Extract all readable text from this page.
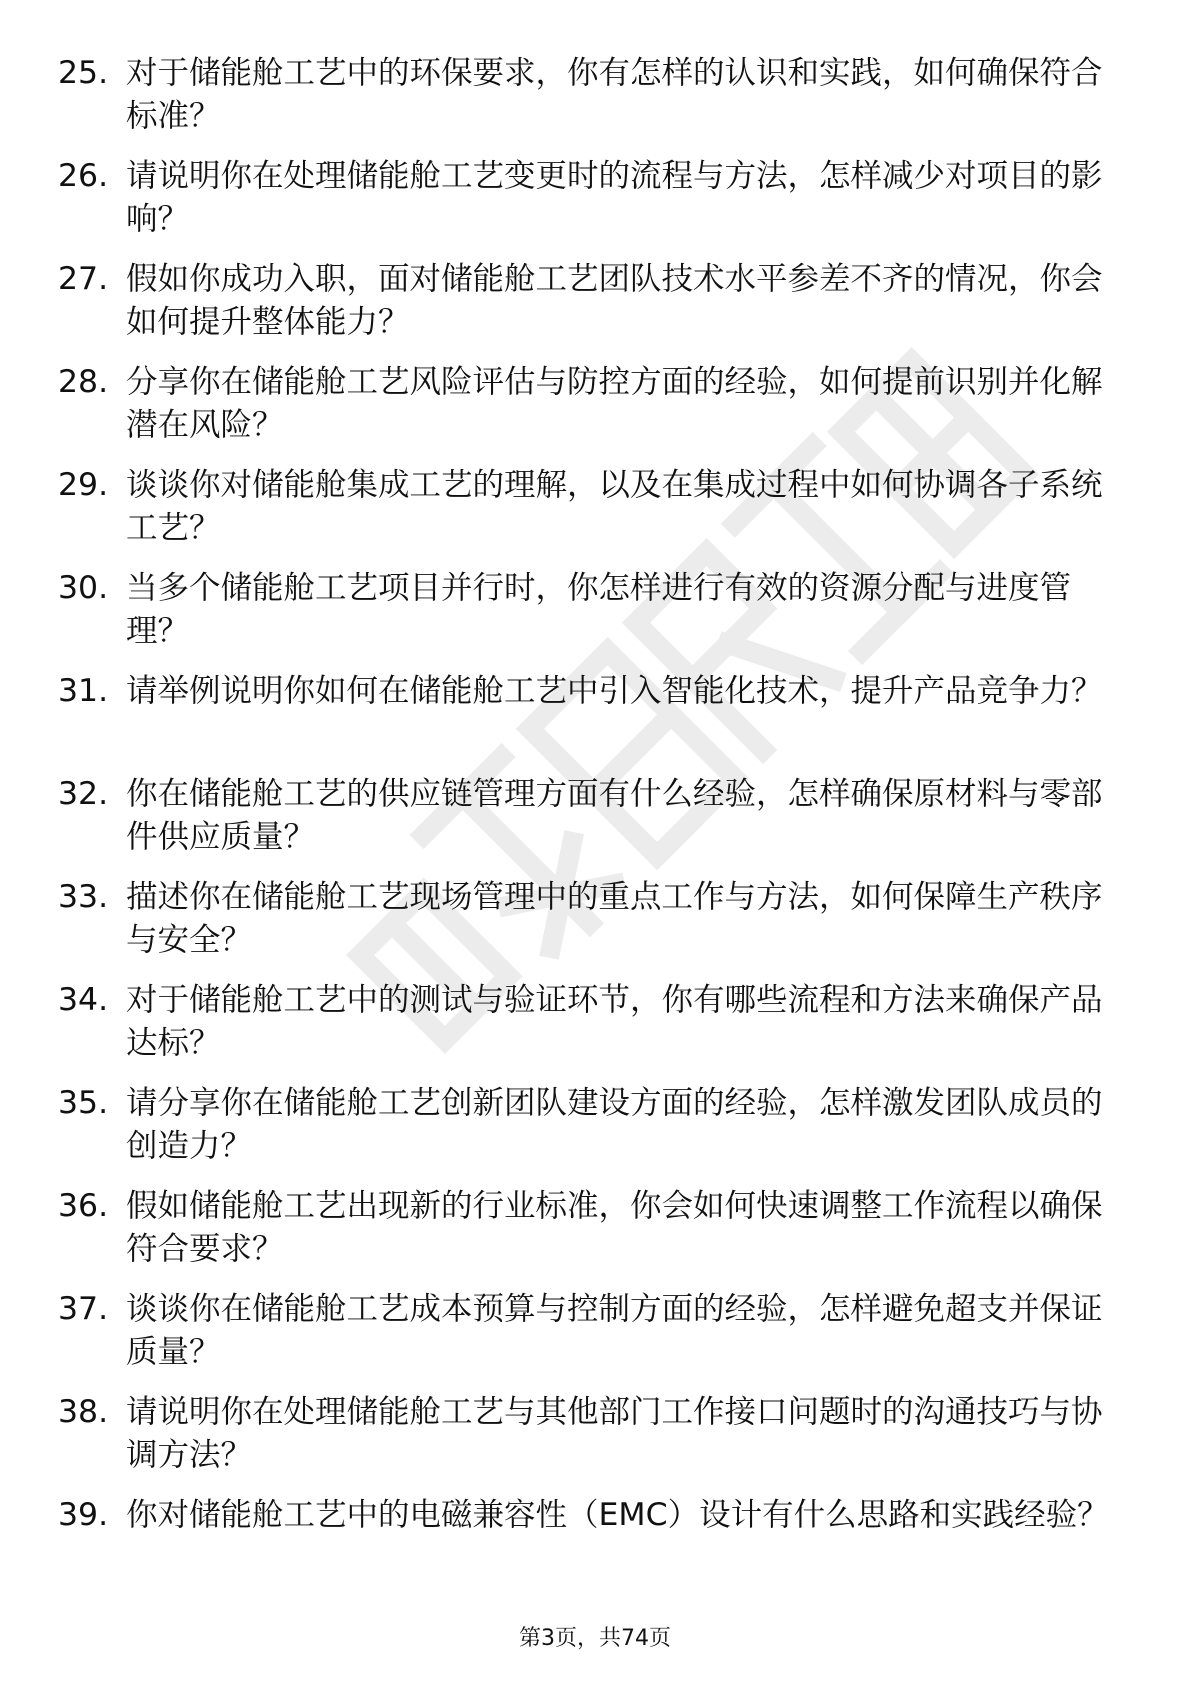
25. 对于储能舱工艺中的环保要求，你有怎样的认识和实践，如何确保符合标准？
26. 请说明你在处理储能舱工艺变更时的流程与方法，怎样减少对项目的影响？
27. 假如你成功入职，面对储能舱工艺团队技术水平参差不齐的情况，你会如何提升整体能力？
28. 分享你在储能舱工艺风险评估与防控方面的经验，如何提前识别并化解潜在风险？
29. 谈谈你对储能舱集成工艺的理解，以及在集成过程中如何协调各子系统工艺？
30. 当多个储能舱工艺项目并行时，你怎样进行有效的资源分配与进度管理？
31. 请举例说明你如何在储能舱工艺中引入智能化技术，提升产品竞争力？
32. 你在储能舱工艺的供应链管理方面有什么经验，怎样确保原材料与零部件供应质量？
33. 描述你在储能舱工艺现场管理中的重点工作与方法，如何保障生产秩序与安全？
34. 对于储能舱工艺中的测试与验证环节，你有哪些流程和方法来确保产品达标？
35. 请分享你在储能舱工艺创新团队建设方面的经验，怎样激发团队成员的创造力？
36. 假如储能舱工艺出现新的行业标准，你会如何快速调整工作流程以确保符合要求？
37. 谈谈你在储能舱工艺成本预算与控制方面的经验，怎样避免超支并保证质量？
38. 请说明你在处理储能舱工艺与其他部门工作接口问题时的沟通技巧与协调方法？
39. 你对储能舱工艺中的电磁兼容性（EMC）设计有什么思路和实践经验？
第3页，共74页
